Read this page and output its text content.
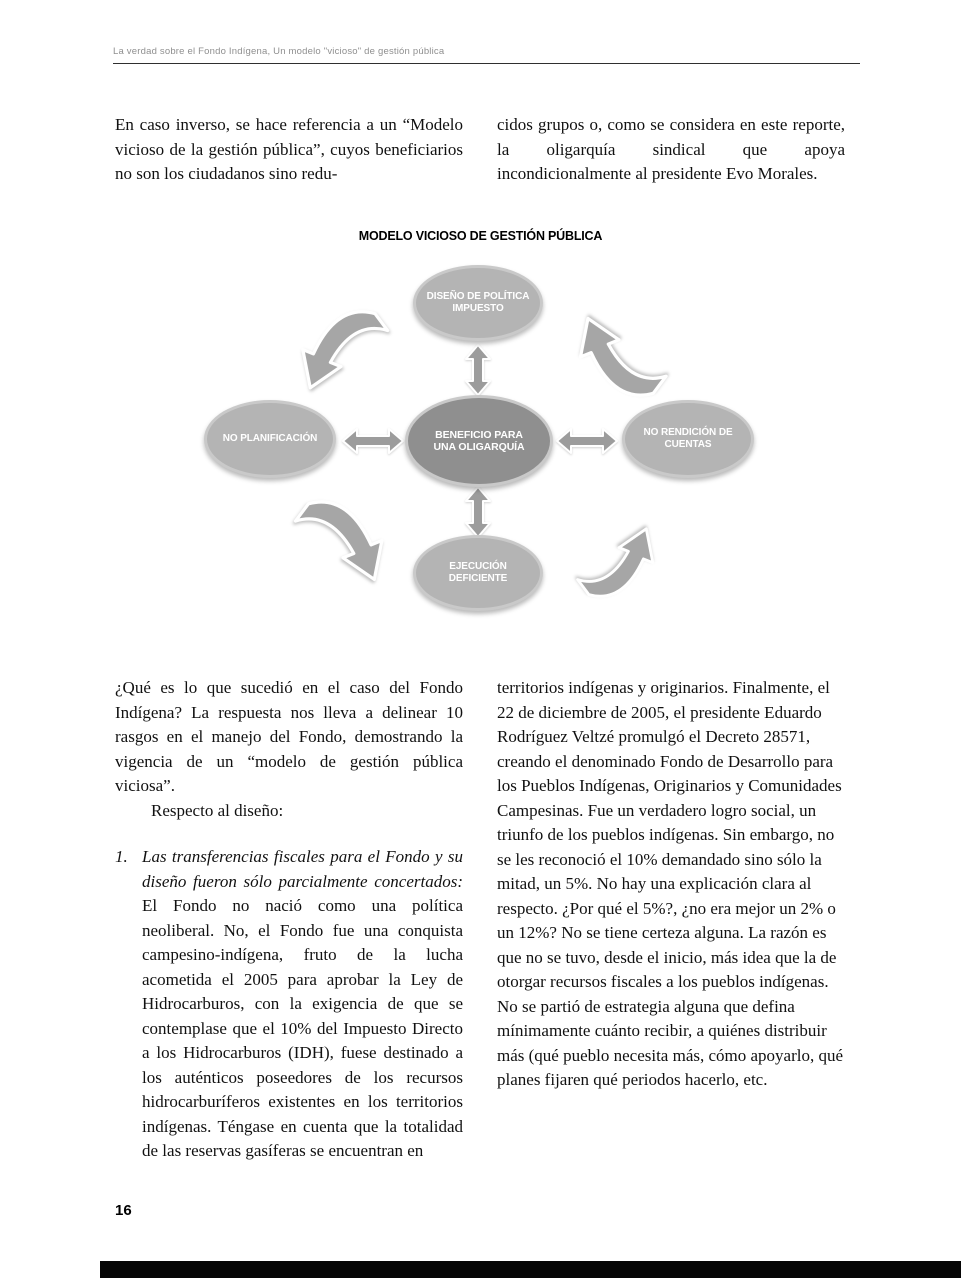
La verdad sobre el Fondo Indígena, Un modelo "vicioso" de gestión pública

En caso inverso, se hace referencia a un “Modelo vicioso de la gestión pública”, cuyos beneficiarios no son los ciudadanos sino redu-

cidos grupos o, como se considera en este reporte, la oligarquía sindical que apoya incondicionalmente al presidente Evo Morales.

MODELO VICIOSO DE GESTIÓN PÚBLICA
DISEÑO DE POLÍTICA
IMPUESTO
NO PLANIFICACIÓN	BENEFICIO PARA
UNA OLIGARQUÍA
NO RENDICIÓN DE
CUENTAS
EJECUCIÓN
DEFICIENTE

¿Qué es lo que sucedió en el caso del Fondo Indígena? La respuesta nos lleva a delinear 10 rasgos en el manejo del Fondo, demostrando la vigencia de un “modelo de gestión pública viciosa”.

Respecto al diseño:

1. Las transferencias fiscales para el Fondo y su diseño fueron sólo parcialmente concertados: El Fondo no nació como una política neoliberal. No, el Fondo fue una conquista campesino-indígena, fruto de la lucha acometida el 2005 para aprobar la Ley de Hidrocarburos, con la exigencia de que se contemplase que el 10% del Impuesto Directo a los Hidrocarburos (IDH), fuese destinado a los auténticos poseedores de los recursos hidrocarburíferos existentes en los territorios indígenas. Téngase en cuenta que la totalidad de las reservas gasíferas se encuentran en

territorios indígenas y originarios. Finalmente, el 22 de diciembre de 2005, el presidente Eduardo Rodríguez Veltzé promulgó el Decreto 28571, creando el denominado Fondo de Desarrollo para los Pueblos Indígenas, Originarios y Comunidades Campesinas. Fue un verdadero logro social, un triunfo de los pueblos indígenas. Sin embargo, no se les reconoció el 10% demandado sino sólo la mitad, un 5%. No hay una explicación clara al respecto. ¿Por qué el 5%?, ¿no era mejor un 2% o un 12%? No se tiene certeza alguna. La razón es que no se tuvo, desde el inicio, más idea que la de otorgar recursos fiscales a los pueblos indígenas. No se partió de estrategia alguna que defina mínimamente cuánto recibir, a quiénes distribuir más (qué pueblo necesita más, cómo apoyarlo, qué planes fijaren qué periodos hacerlo, etc.

16
